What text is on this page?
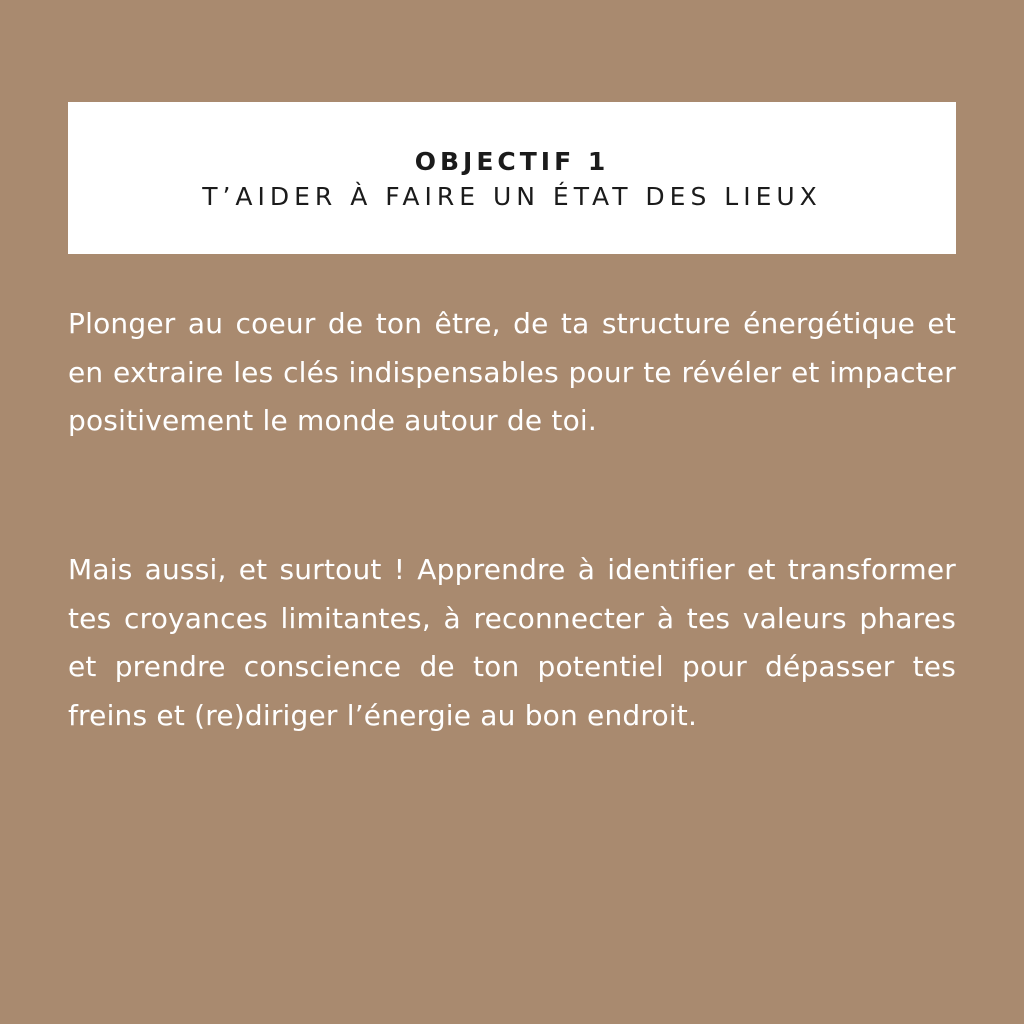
OBJECTIF 1
T’AIDER À FAIRE UN ÉTAT DES LIEUX

Plonger au coeur de ton être, de ta structure énergétique et en extraire les clés indispensables pour te révéler et impacter positivement le monde autour de toi.

Mais aussi, et surtout ! Apprendre à identifier et transformer tes croyances limitantes, à reconnecter à tes valeurs phares et prendre conscience de ton potentiel pour dépasser tes freins et (re)diriger l’énergie au bon endroit.
